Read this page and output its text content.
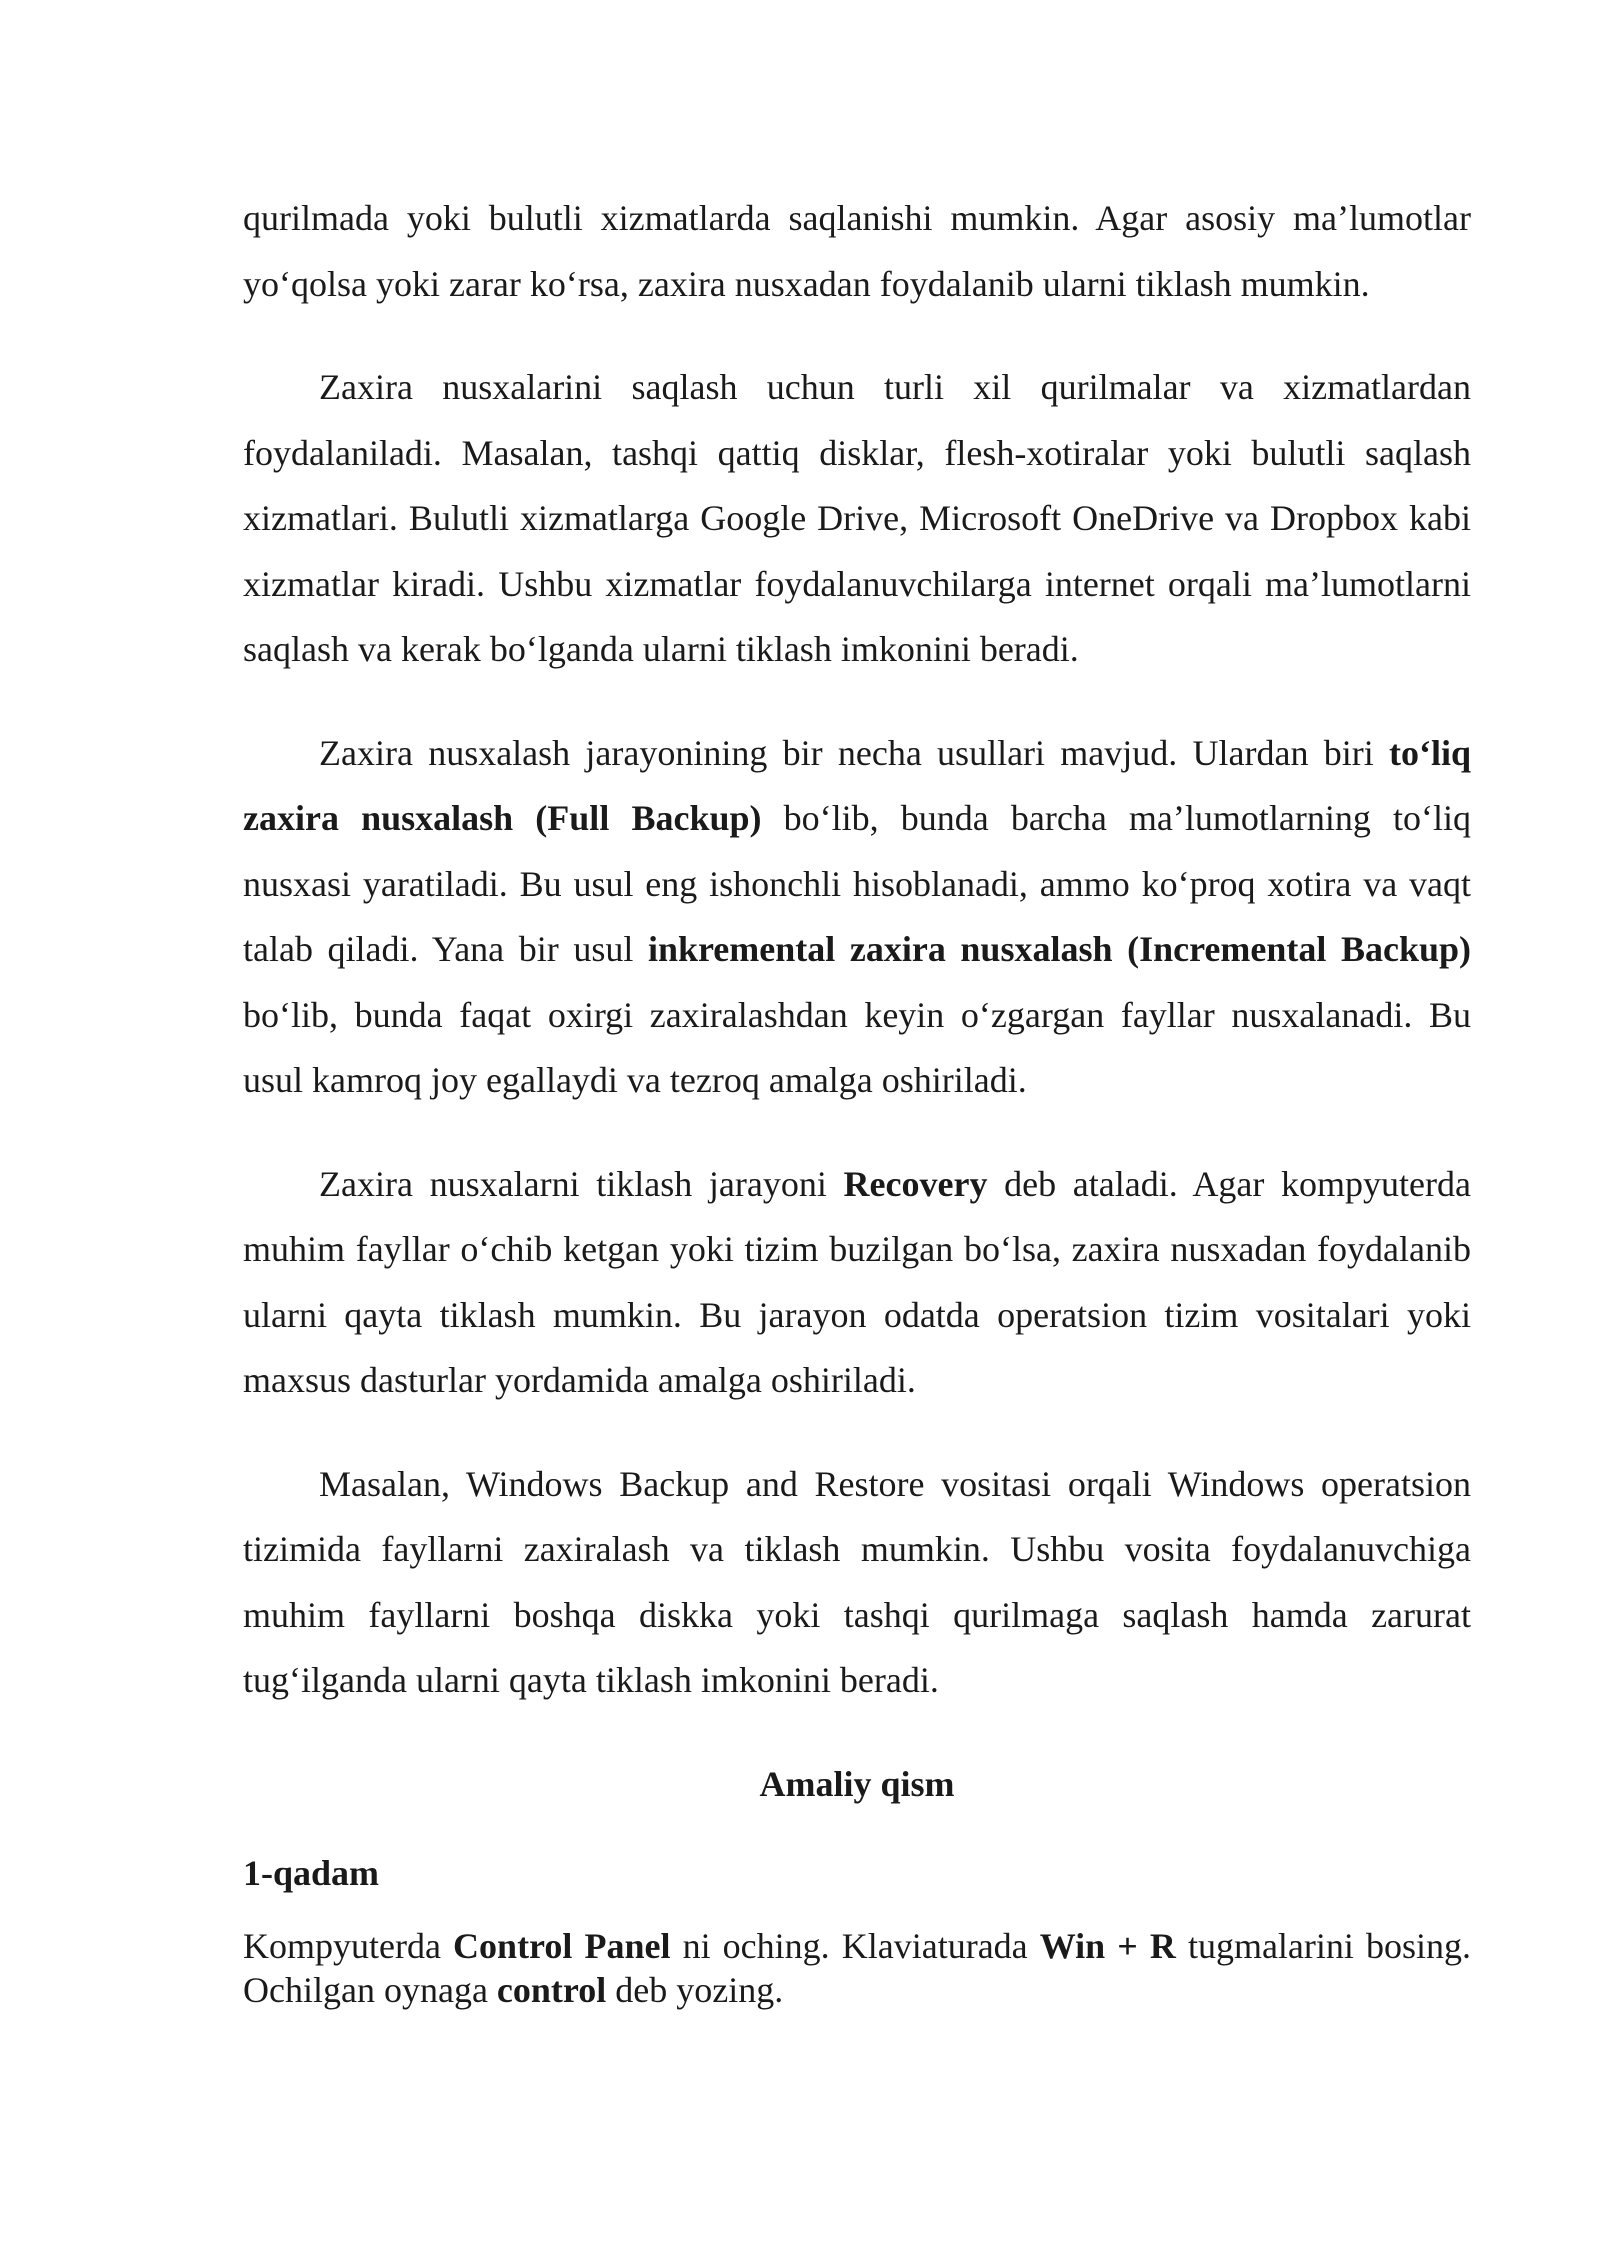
qurilmada yoki bulutli xizmatlarda saqlanishi mumkin. Agar asosiy ma’lumotlar yo‘qolsa yoki zarar ko‘rsa, zaxira nusxadan foydalanib ularni tiklash mumkin.

Zaxira nusxalarini saqlash uchun turli xil qurilmalar va xizmatlardan foydalaniladi. Masalan, tashqi qattiq disklar, flesh-xotiralar yoki bulutli saqlash xizmatlari. Bulutli xizmatlarga Google Drive, Microsoft OneDrive va Dropbox kabi xizmatlar kiradi. Ushbu xizmatlar foydalanuvchilarga internet orqali ma’lumotlarni saqlash va kerak bo‘lganda ularni tiklash imkonini beradi.

Zaxira nusxalash jarayonining bir necha usullari mavjud. Ulardan biri to‘liq zaxira nusxalash (Full Backup) bo‘lib, bunda barcha ma’lumotlarning to‘liq nusxasi yaratiladi. Bu usul eng ishonchli hisoblanadi, ammo ko‘proq xotira va vaqt talab qiladi. Yana bir usul inkremental zaxira nusxalash (Incremental Backup) bo‘lib, bunda faqat oxirgi zaxiralashdan keyin o‘zgargan fayllar nusxalanadi. Bu usul kamroq joy egallaydi va tezroq amalga oshiriladi.

Zaxira nusxalarni tiklash jarayoni Recovery deb ataladi. Agar kompyuterda muhim fayllar o‘chib ketgan yoki tizim buzilgan bo‘lsa, zaxira nusxadan foydalanib ularni qayta tiklash mumkin. Bu jarayon odatda operatsion tizim vositalari yoki maxsus dasturlar yordamida amalga oshiriladi.

Masalan, Windows Backup and Restore vositasi orqali Windows operatsion tizimida fayllarni zaxiralash va tiklash mumkin. Ushbu vosita foydalanuvchiga muhim fayllarni boshqa diskka yoki tashqi qurilmaga saqlash hamda zarurat tug‘ilganda ularni qayta tiklash imkonini beradi.

Amaliy qism
1-qadam

Kompyuterda Control Panel ni oching. Klaviaturada Win + R tugmalarini bosing. Ochilgan oynaga control deb yozing.
